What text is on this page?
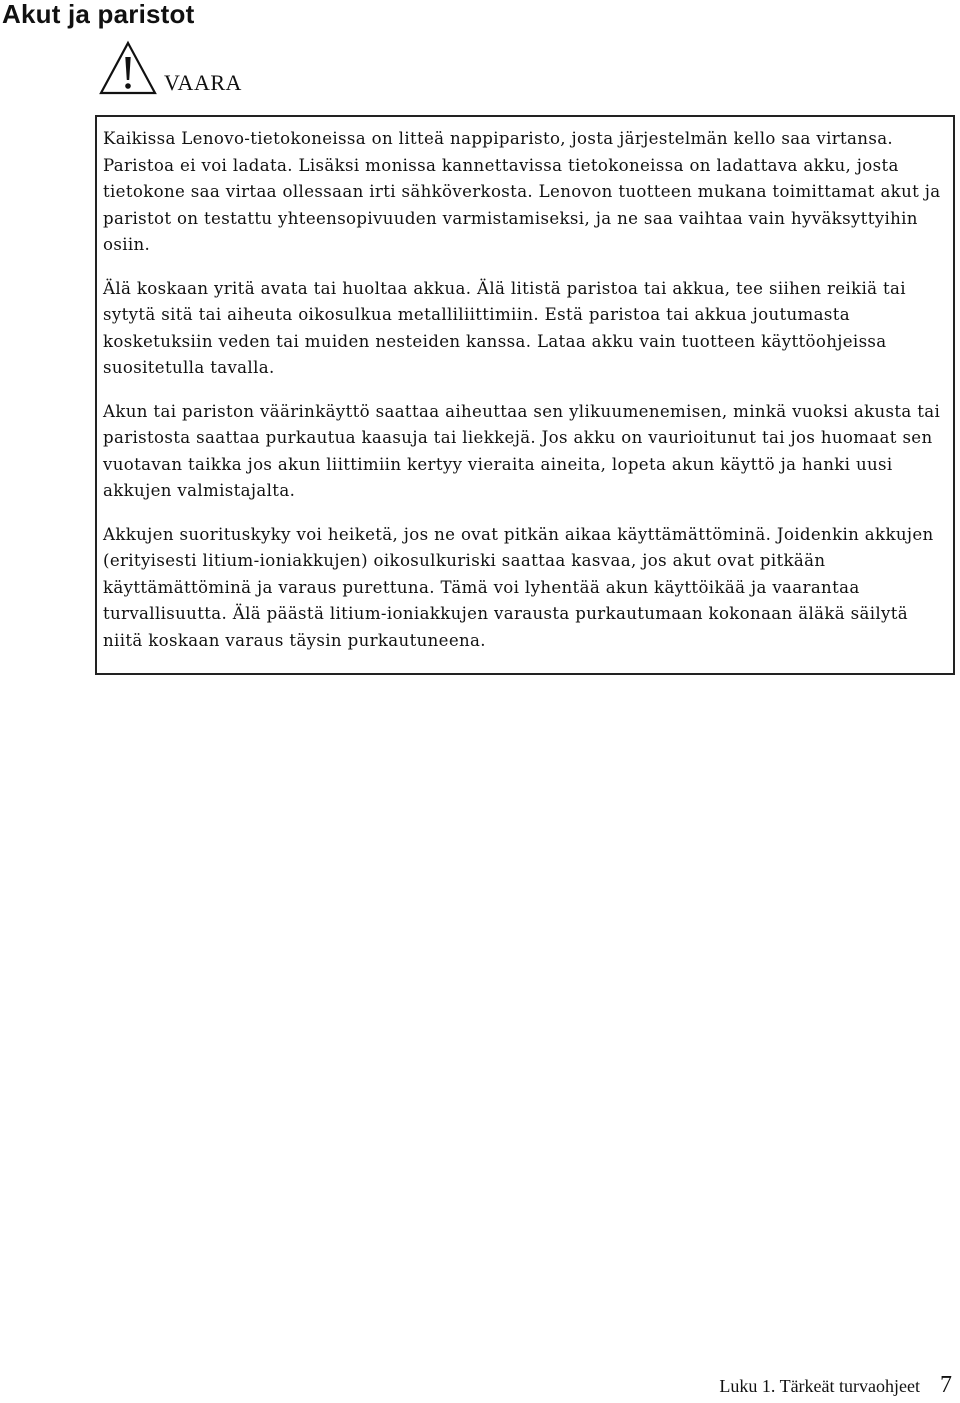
Akut ja paristot
VAARA

Kaikissa Lenovo-tietokoneissa on litteä nappiparisto, josta järjestelmän kello saa virtansa. Paristoa ei voi ladata. Lisäksi monissa kannettavissa tietokoneissa on ladattava akku, josta tietokone saa virtaa ollessaan irti sähköverkosta. Lenovon tuotteen mukana toimittamat akut ja paristot on testattu yhteensopivuuden varmistamiseksi, ja ne saa vaihtaa vain hyväksyttyihin osiin.

Älä koskaan yritä avata tai huoltaa akkua. Älä litistä paristoa tai akkua, tee siihen reikiä tai sytytä sitä tai aiheuta oikosulkua metalliliittimiin. Estä paristoa tai akkua joutumasta kosketuksiin veden tai muiden nesteiden kanssa. Lataa akku vain tuotteen käyttöohjeissa suositetulla tavalla.

Akun tai pariston väärinkäyttö saattaa aiheuttaa sen ylikuumenemisen, minkä vuoksi akusta tai paristosta saattaa purkautua kaasuja tai liekkejä. Jos akku on vaurioitunut tai jos huomaat sen vuotavan taikka jos akun liittimiin kertyy vieraita aineita, lopeta akun käyttö ja hanki uusi akkujen valmistajalta.

Akkujen suorituskyky voi heiketä, jos ne ovat pitkän aikaa käyttämättöminä. Joidenkin akkujen (erityisesti litium-ioniakkujen) oikosulkuriski saattaa kasvaa, jos akut ovat pitkään käyttämättöminä ja varaus purettuna. Tämä voi lyhentää akun käyttöikää ja vaarantaa turvallisuutta. Älä päästä litium-ioniakkujen varausta purkautumaan kokonaan äläkä säilytä niitä koskaan varaus täysin purkautuneena.

Luku 1. Tärkeät turvaohjeet 7
